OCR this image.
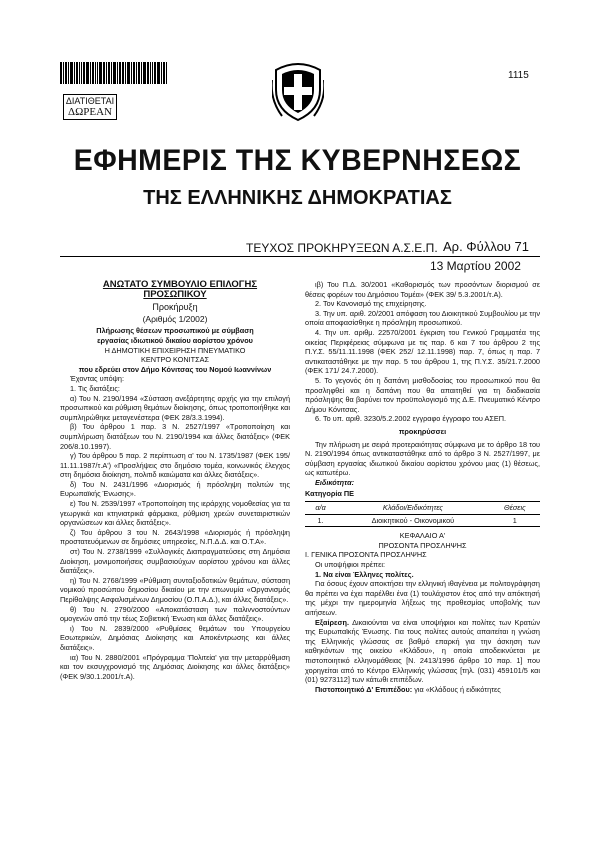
ΔΙΑΤΙΘΕΤΑΙ
ΔΩΡΕΑΝ
1115
ΕΦΗΜΕΡΙΣ ΤΗΣ ΚΥΒΕΡΝΗΣΕΩΣ
ΤΗΣ ΕΛΛΗΝΙΚΗΣ ΔΗΜΟΚΡΑΤΙΑΣ
ΤΕΥΧΟΣ ΠΡΟΚΗΡΥΞΕΩΝ Α.Σ.Ε.Π. Αρ. Φύλλου 71
13 Μαρτίου 2002

ΑΝΩΤΑΤΟ ΣΥΜΒΟΥΛΙΟ ΕΠΙΛΟΓΗΣ ΠΡΟΣΩΠΙΚΟΥ

Προκήρυξη

(Αριθμός 1/2002)

Πλήρωσης θέσεων προσωπικού με σύμβαση

εργασίας ιδιωτικού δικαίου αορίστου χρόνου

Η ΔΗΜΟΤΙΚΗ ΕΠΙΧΕΙΡΗΣΗ ΠΝΕΥΜΑΤΙΚΟ

ΚΕΝΤΡΟ ΚΟΝΙΤΣΑΣ

που εδρεύει στον Δήμο Κόνιτσας του Νομού Ιωαννίνων

Έχοντας υπόψη:

1. Τις διατάξεις:

α) Του Ν. 2190/1994 «Σύσταση ανεξάρτητης αρχής για την επιλογή προσωπικού και ρύθμιση θεμάτων διοίκησης, όπως τροποποιήθηκε και συμπληρώθηκε μεταγενέστερα (ΦΕΚ 28/3.3.1994).

β) Του άρθρου 1 παρ. 3 Ν. 2527/1997 «Τροποποίηση και συμπλήρωση διατάξεων του Ν. 2190/1994 και άλλες διατάξεις» (ΦΕΚ 206/8.10.1997).

γ) Του άρθρου 5 παρ. 2 περίπτωση α' του Ν. 1735/1987 (ΦΕΚ 195/ 11.11.1987/τ.Α') «Προσλήψεις στο δημόσιο τομέα, κοινωνικός έλεγχος στη δημόσια διοίκηση, πολιτιδ ικαιώματα και άλλες διατάξεις».

δ) Του Ν. 2431/1996 «Διορισμός ή πρόσληψη πολιτών της Ευρωπαϊκής Ένωσης».

ε) Του Ν. 2539/1997 «Τροποποίηση της ιεράρχης νομοθεσίας για τα γεωργικά και κτηνιατρικά φάρμακα, ρύθμιση χρεών συνεταιριστικών οργανώσεων και άλλες διατάξεις».

ζ) Του άρθρου 3 του Ν. 2643/1998 «Διορισμός ή πρόσληψη προστατευόμενων σε δημόσιες υπηρεσίες, Ν.Π.Δ.Δ. και Ο.Τ.Α».

στ) Του Ν. 2738/1999 «Συλλογικές Διαπραγματεύσεις στη Δημόσια Διοίκηση, μονιμοποιήσεις συμβασιούχων αορίστου χρόνου και άλλες διατάξεις».

η) Του Ν. 2768/1999 «Ρύθμιση συνταξιοδοτικών θεμάτων, σύσταση νομικού προσώπου δημοσίου δικαίου με την επωνυμία «Οργανισμός Περίθαλψης Ασφαλισμένων Δημοσίου (Ο.Π.Α.Δ.), και άλλες διατάξεις».

θ) Του Ν. 2790/2000 «Αποκατάσταση των παλιννοστούντων ομογενών από την τέως Σοβιετική Ένωση και άλλες διατάξεις».

ι) Του Ν. 2839/2000 «Ρυθμίσεις θεμάτων του Υπουργείου Εσωτερικών, Δημόσιας Διοίκησης και Αποκέντρωσης και άλλες διατάξεις».

ια) Του Ν. 2880/2001 «Πρόγραμμα 'Πολιτεία' για την μεταρρύθμιση και τον εκσυγχρονισμό της Δημόσιας Διοίκησης και άλλες διατάξεις» (ΦΕΚ 9/30.1.2001/τ.Α).

ιβ) Του Π.Δ. 30/2001 «Καθορισμός των προσόντων διορισμού σε θέσεις φορέων του Δημόσιου Τομέα» (ΦΕΚ 39/ 5.3.2001/τ.Α).

2. Τον Κανονισμό της επιχείρησης.

3. Την υπ. αριθ. 20/2001 απόφαση του Διοικητικού Συμβουλίου με την οποία αποφασίσθηκε η πρόσληψη προσωπικού.

4. Την υπ. αριθμ. 22570/2001 έγκριση του Γενικού Γραμματέα της οικείας Περιφέρειας σύμφωνα με τις παρ. 6 και 7 του άρθρου 2 της Π.Υ.Σ. 55/11.11.1998 (ΦΕΚ 252/ 12.11.1998) παρ. 7, όπως η παρ. 7 αντικαταστάθηκε με την παρ. 5 του άρθρου 1, της Π.Υ.Σ. 35/21.7.2000 (ΦΕΚ 171/ 24.7.2000).

5. Το γεγονός ότι η δαπάνη μισθοδοσίας του προσωπικού που θα προσληφθεί και η δαπάνη που θα απαιτηθεί για τη διαδικασία πρόσληψης θα βαρύνει τον προϋπολογισμό της Δ.Ε. Πνευματικό Κέντρο Δήμου Κόνιτσας.

6. Το υπ. αριθ. 3230/5.2.2002 εγγραφο έγγραφο του ΑΣΕΠ.

προκηρύσσει

Την πλήρωση με σειρά προτεραιότητας σύμφωνα με το άρθρο 18 του Ν. 2190/1994 όπως αντικαταστάθηκε από το άρθρο 3 Ν. 2527/1997, με σύμβαση εργασίας ιδιωτικού δικαίου αορίστου χρόνου μιας (1) θέσεως, ως κατωτέρω.

Ειδικότητα:

Κατηγορία ΠΕ

α/α	Κλάδοι/Ειδικότητες	Θέσεις
1.	Διοικητικού - Οικονομικού	1

ΚΕΦΑΛΑΙΟ Α'

ΠΡΟΣΟΝΤΑ ΠΡΟΣΛΗΨΗΣ

Ι. ΓΕΝΙΚΑ ΠΡΟΣΟΝΤΑ ΠΡΟΣΛΗΨΗΣ

Οι υποψήφιοι πρέπει:

1. Να είναι Έλληνες πολίτες.

Για όσους έχουν αποκτήσει την ελληνική ιθαγένεια με πολιτογράφηση θα πρέπει να έχει παρέλθει ένα (1) τουλάχιστον έτος από την απόκτησή της μέχρι την ημερομηνία λήξεως της προθεσμίας υποβολής των αιτήσεων.

Εξαίρεση. Δικαιούνται να είναι υποψήφιοι και πολίτες των Κρατών της Ευρωπαϊκής Ένωσης. Για τους πολίτες αυτούς απαιτείται η γνώση της Ελληνικής γλώσσας σε βαθμό επαρκή για την άσκηση των καθηκόντων της οικείου «Κλάδου», η οποία αποδεικνύεται με πιστοποιητικό ελληνομάθειας [Ν. 2413/1996 άρθρο 10 παρ. 1] που χορηγείται από το Κέντρο Ελληνικής γλώσσας [τηλ. (031) 459101/5 και (01) 9273112] των κάτωθι επιπέδων.

Πιστοποιητικό Δ' Επιπέδου: για «Κλάδους ή ειδικότητες
